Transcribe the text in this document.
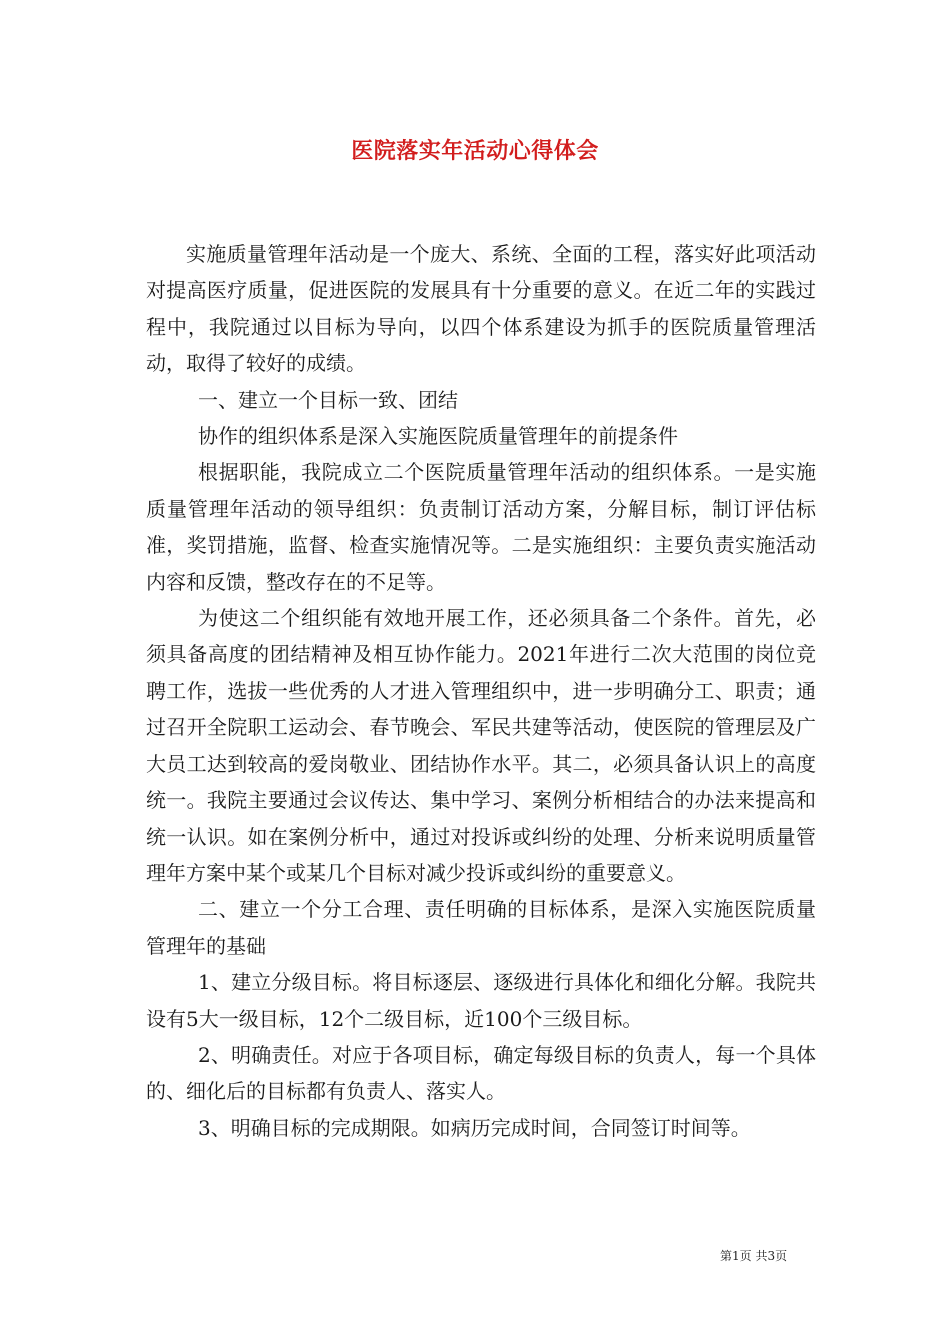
医院落实年活动心得体会

实施质量管理年活动是一个庞大、系统、全面的工程，落实好此项活动对提高医疗质量，促进医院的发展具有十分重要的意义。在近二年的实践过程中，我院通过以目标为导向，以四个体系建设为抓手的医院质量管理活动，取得了较好的成绩。

一、建立一个目标一致、团结

协作的组织体系是深入实施医院质量管理年的前提条件

根据职能，我院成立二个医院质量管理年活动的组织体系。一是实施质量管理年活动的领导组织：负责制订活动方案，分解目标，制订评估标准，奖罚措施，监督、检查实施情况等。二是实施组织：主要负责实施活动内容和反馈，整改存在的不足等。

为使这二个组织能有效地开展工作，还必须具备二个条件。首先，必须具备高度的团结精神及相互协作能力。2021年进行二次大范围的岗位竞聘工作，选拔一些优秀的人才进入管理组织中，进一步明确分工、职责；通过召开全院职工运动会、春节晚会、军民共建等活动，使医院的管理层及广大员工达到较高的爱岗敬业、团结协作水平。其二，必须具备认识上的高度统一。我院主要通过会议传达、集中学习、案例分析相结合的办法来提高和统一认识。如在案例分析中，通过对投诉或纠纷的处理、分析来说明质量管理年方案中某个或某几个目标对减少投诉或纠纷的重要意义。

二、建立一个分工合理、责任明确的目标体系，是深入实施医院质量管理年的基础

1、建立分级目标。将目标逐层、逐级进行具体化和细化分解。我院共设有5大一级目标，12个二级目标，近100个三级目标。

2、明确责任。对应于各项目标，确定每级目标的负责人，每一个具体的、细化后的目标都有负责人、落实人。

3、明确目标的完成期限。如病历完成时间，合同签订时间等。

第1页 共3页
